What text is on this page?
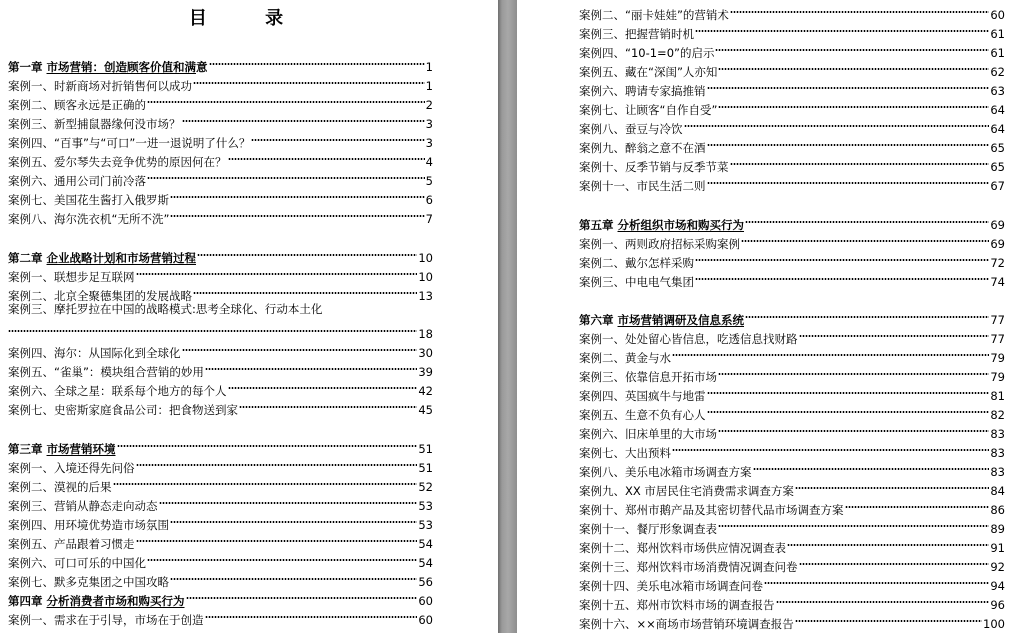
目 录
第一章 市场营销：创造顾客价值和满意	1
案例一、时新商场对折销售何以成功	1
案例二、顾客永远是正确的	2
案例三、新型捕鼠器缘何没市场？	3
案例四、“百事”与“可口”一进一退说明了什么？	3
案例五、爱尔琴失去竞争优势的原因何在？	4
案例六、通用公司门前冷落	5
案例七、美国花生酱打入俄罗斯	6
案例八、海尔洗衣机“无所不洗”	7
第二章 企业战略计划和市场营销过程	10
案例一、联想步足互联网	10
案例二、北京全聚德集团的发展战略	13
案例三、摩托罗拉在中国的战略模式:思考全球化、行动本土化
18
案例四、海尔：从国际化到全球化	30
案例五、“雀巢”：模块组合营销的妙用	39
案例六、全球之星：联系每个地方的每个人	42
案例七、史密斯家庭食品公司：把食物送到家	45
第三章 市场营销环境	51
案例一、入境还得先问俗	51
案例二、漠视的后果	52
案例三、营销从静态走向动态	53
案例四、用环境优势造市场氛围	53
案例五、产品跟着习惯走	54
案例六、可口可乐的中国化	54
案例七、默多克集团之中国攻略	56
第四章 分析消费者市场和购买行为	60
案例一、需求在于引导，市场在于创造	60
案例二、“丽卡娃娃”的营销术	60
案例三、把握营销时机	61
案例四、“10-1=0”的启示	61
案例五、藏在“深闺”人亦知	62
案例六、聘请专家搞推销	63
案例七、让顾客“自作自受”	64
案例八、蚕豆与冷饮	64
案例九、醉翁之意不在酒	65
案例十、反季节销与反季节菜	65
案例十一、市民生活二则	67
第五章 分析组织市场和购买行为	69
案例一、两则政府招标采购案例	69
案例二、戴尔怎样采购	72
案例三、中电电气集团	74
第六章 市场营销调研及信息系统	77
案例一、处处留心皆信息，吃透信息找财路	77
案例二、黄金与水	79
案例三、依靠信息开拓市场	79
案例四、英国疯牛与地雷	81
案例五、生意不负有心人	82
案例六、旧床单里的大市场	83
案例七、大出预料	83
案例八、美乐电冰箱市场调查方案	83
案例九、XX 市居民住宅消费需求调查方案	84
案例十、郑州市鹅产品及其密切替代品市场调查方案	86
案例十一、餐厅形象调查表	89
案例十二、郑州饮料市场供应情况调查表	91
案例十三、郑州饮料市场消费情况调查问卷	92
案例十四、美乐电冰箱市场调查问卷	94
案例十五、郑州市饮料市场的调查报告	96
案例十六、××商场市场营销环境调查报告	100
